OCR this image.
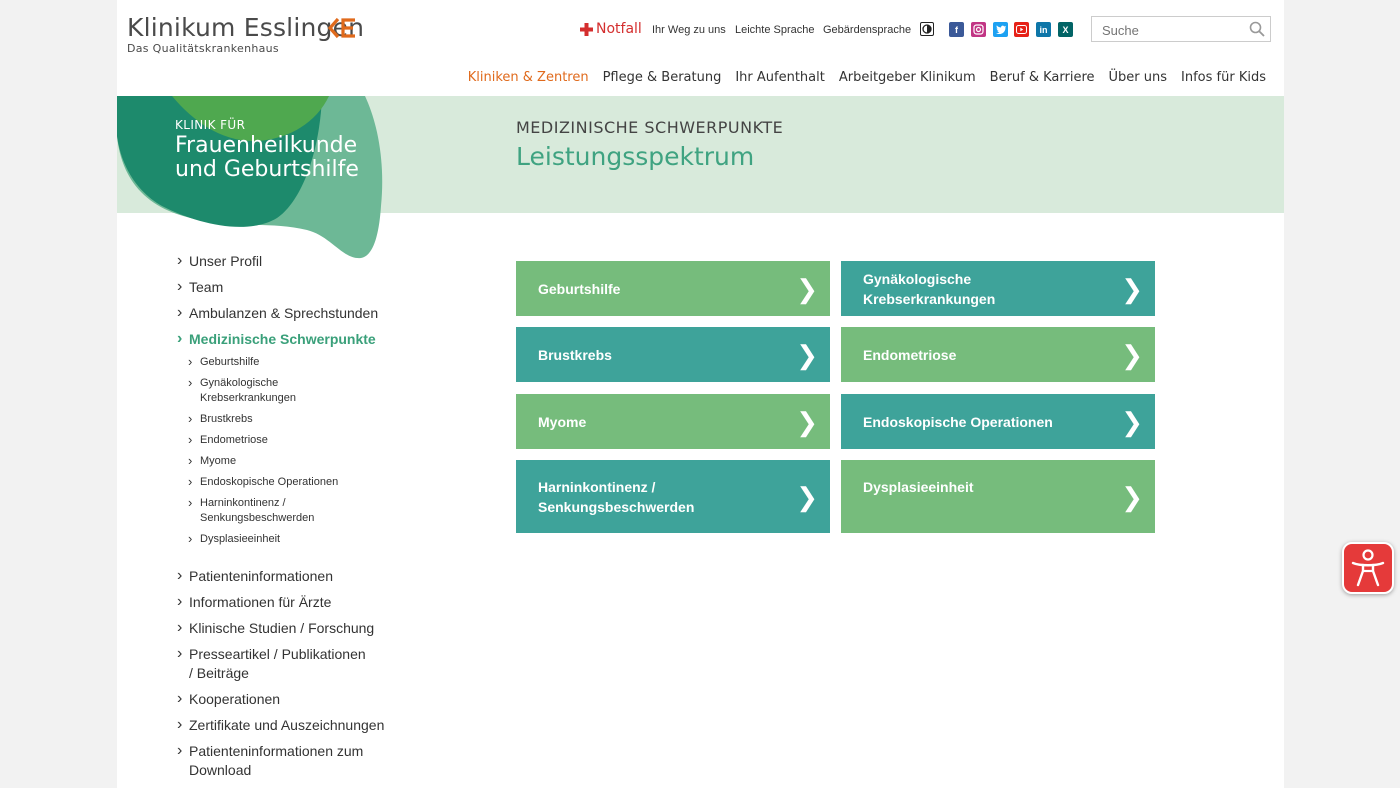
Klinikum Esslingen
Das Qualitätskrankenhaus
Notfall Ihr Weg zu uns Leichte Sprache Gebärdensprache	f	in	X
Suche
Kliniken & Zentren Pflege & Beratung Ihr Aufenthalt Arbeitgeber Klinikum Beruf & Karriere Über uns Infos für Kids
KLINIK FÜR
Frauenheilkunde und Geburtshilfe
MEDIZINISCHE SCHWERPUNKTE
Leistungsspektrum
› Unser Profil
› Team
› Ambulanzen & Sprechstunden
› Medizinische Schwerpunkte
› Geburtshilfe
› Gynäkologische Krebserkrankungen
› Brustkrebs
› Endometriose
› Myome
› Endoskopische Operationen
› Harninkontinenz / Senkungsbeschwerden
› Dysplasieeinheit
› Patienteninformationen
› Informationen für Ärzte
› Klinische Studien / Forschung
› Presseartikel / Publikationen / Beiträge
› Kooperationen
› Zertifikate und Auszeichnungen
› Patienteninformationen zum Download
Geburtshilfe	❯	Gynäkologische Krebserkrankungen	❯
Brustkrebs	❯	Endometriose	❯
Myome	❯	Endoskopische Operationen	❯
Harninkontinenz / Senkungsbeschwerden	❯	Dysplasieeinheit	❯
